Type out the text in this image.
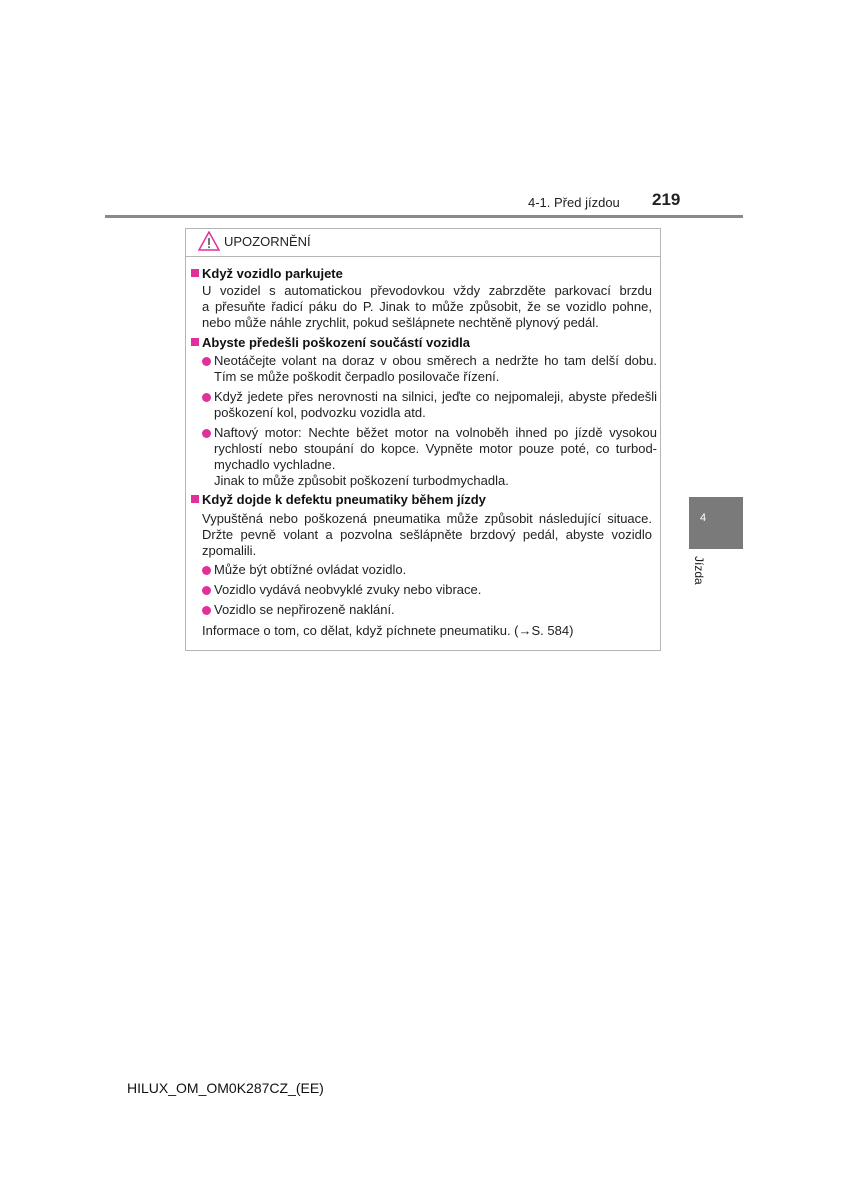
4-1. Před jízdou 219
4
Jízda
UPOZORNĚNÍ
Když vozidlo parkujete
U vozidel s automatickou převodovkou vždy zabrzděte parkovací brzdu
a přesuňte řadicí páku do P. Jinak to může způsobit, že se vozidlo pohne,
nebo může náhle zrychlit, pokud sešlápnete nechtěně plynový pedál.
Abyste předešli poškození součástí vozidla
Neotáčejte volant na doraz v obou směrech a nedržte ho tam delší dobu.
Tím se může poškodit čerpadlo posilovače řízení.
Když jedete přes nerovnosti na silnici, jeďte co nejpomaleji, abyste předešli
poškození kol, podvozku vozidla atd.
Naftový motor: Nechte běžet motor na volnoběh ihned po jízdě vysokou
rychlostí nebo stoupání do kopce. Vypněte motor pouze poté, co turbod-
mychadlo vychladne.
Jinak to může způsobit poškození turbodmychadla.
Když dojde k defektu pneumatiky během jízdy
Vypuštěná nebo poškozená pneumatika může způsobit následující situace.
Držte pevně volant a pozvolna sešlápněte brzdový pedál, abyste vozidlo
zpomalili.
Může být obtížné ovládat vozidlo.
Vozidlo vydává neobvyklé zvuky nebo vibrace.
Vozidlo se nepřirozeně naklání.
Informace o tom, co dělat, když píchnete pneumatiku. (→S. 584)
HILUX_OM_OM0K287CZ_(EE)
